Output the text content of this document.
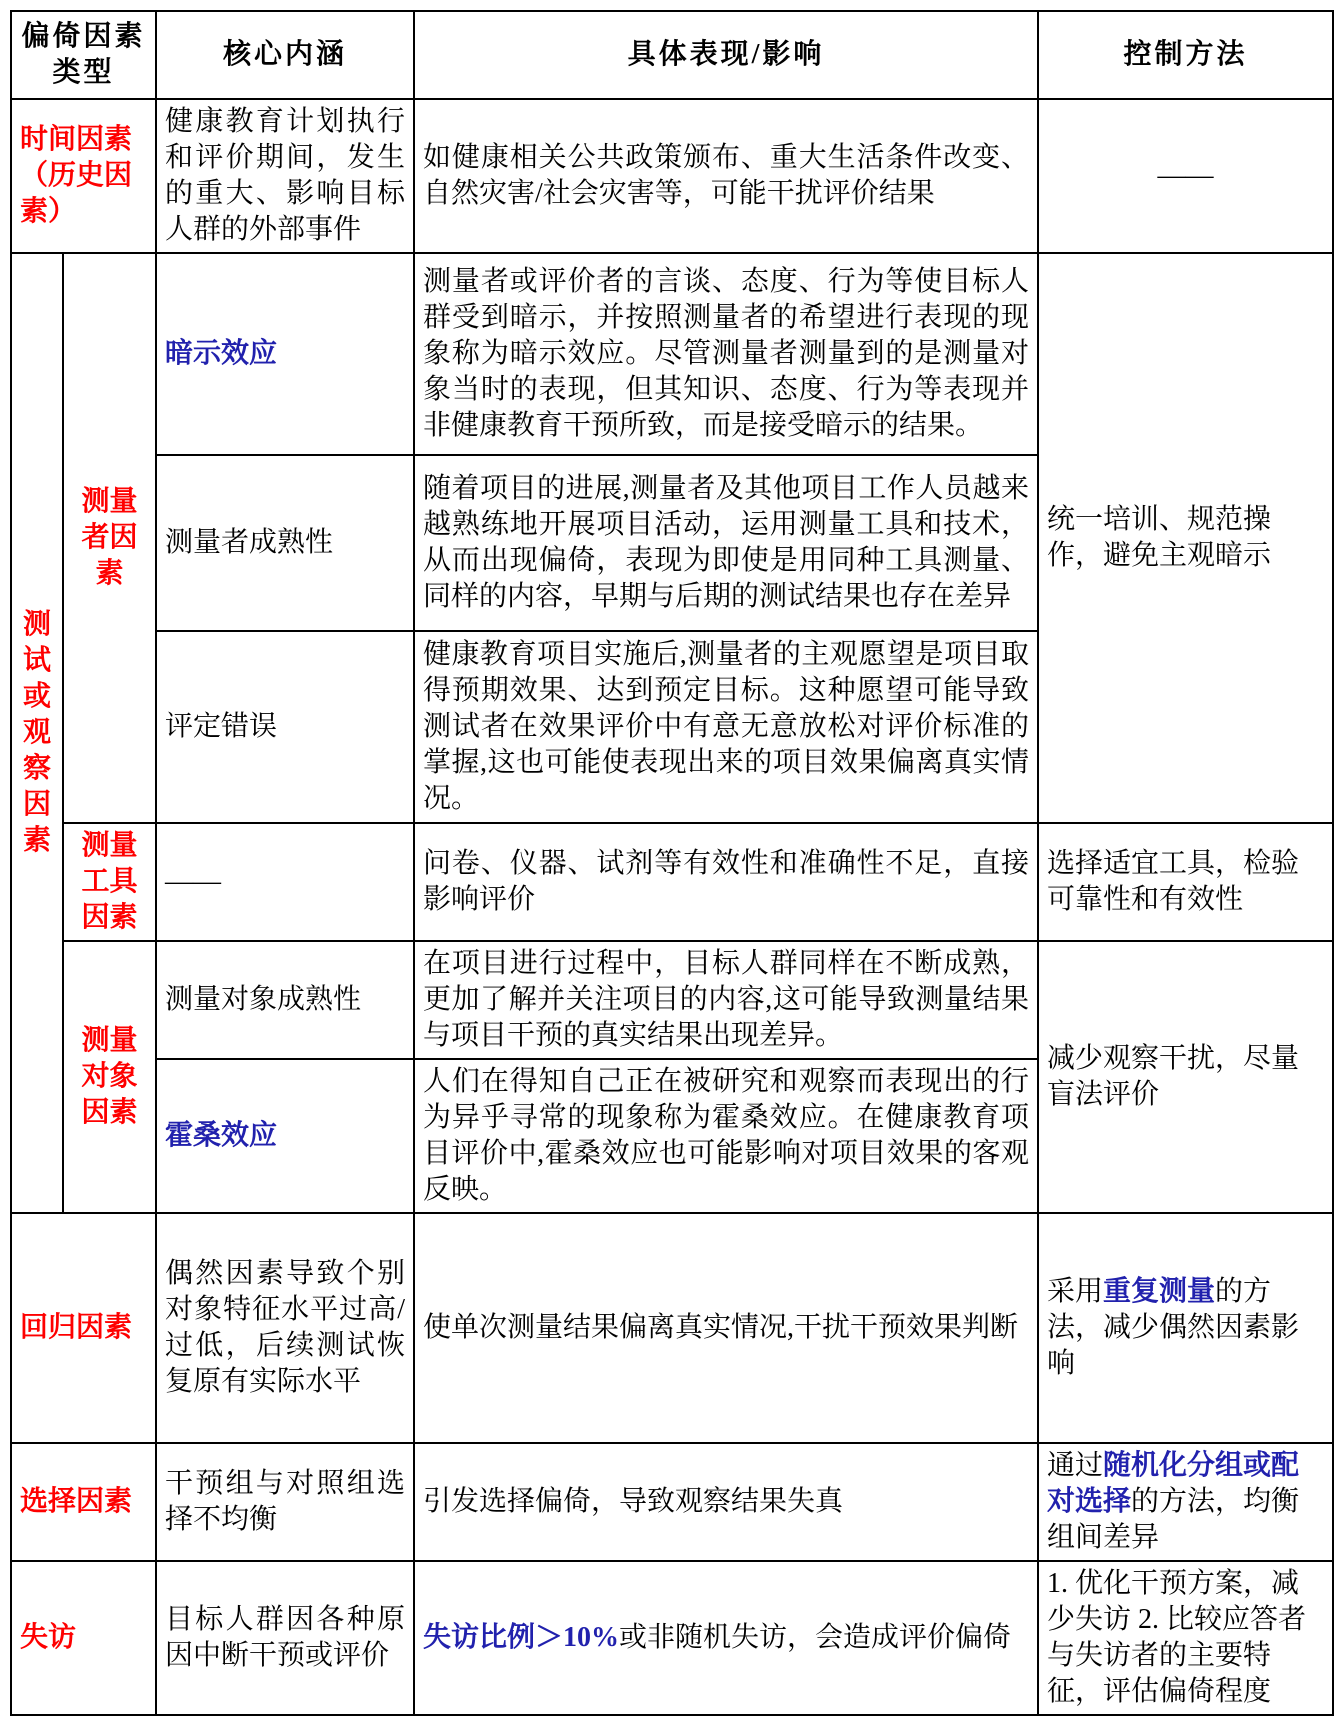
偏倚因素类型		核心内涵	具体表现/影响	控制方法
时间因素（历史因素）		健康教育计划执行和评价期间，发生的重大、影响目标人群的外部事件	如健康相关公共政策颁布、重大生活条件改变、自然灾害/社会灾害等，可能干扰评价结果	——
测试或观察因素	测量者因素	暗示效应	测量者或评价者的言谈、态度、行为等使目标人群受到暗示，并按照测量者的希望进行表现的现象称为暗示效应。尽管测量者测量到的是测量对象当时的表现，但其知识、态度、行为等表现并非健康教育干预所致，而是接受暗示的结果。	统一培训、规范操作，避免主观暗示
		测量者成熟性	随着项目的进展,测量者及其他项目工作人员越来越熟练地开展项目活动，运用测量工具和技术，从而出现偏倚，表现为即使是用同种工具测量、同样的内容，早期与后期的测试结果也存在差异	
		评定错误	健康教育项目实施后,测量者的主观愿望是项目取得预期效果、达到预定目标。这种愿望可能导致测试者在效果评价中有意无意放松对评价标准的掌握,这也可能使表现出来的项目效果偏离真实情况。	
	测量工具因素	——	问卷、仪器、试剂等有效性和准确性不足，直接影响评价	选择适宜工具，检验可靠性和有效性
	测量对象因素	测量对象成熟性	在项目进行过程中，目标人群同样在不断成熟，更加了解并关注项目的内容,这可能导致测量结果与项目干预的真实结果出现差异。	减少观察干扰，尽量盲法评价
		霍桑效应	人们在得知自己正在被研究和观察而表现出的行为异乎寻常的现象称为霍桑效应。在健康教育项目评价中,霍桑效应也可能影响对项目效果的客观反映。	
回归因素		偶然因素导致个别对象特征水平过高/过低，后续测试恢复原有实际水平	使单次测量结果偏离真实情况,干扰干预效果判断	采用重复测量的方法，减少偶然因素影响
选择因素		干预组与对照组选择不均衡	引发选择偏倚，导致观察结果失真	通过随机化分组或配对选择的方法，均衡组间差异
失访		目标人群因各种原因中断干预或评价	失访比例＞10%或非随机失访，会造成评价偏倚	1. 优化干预方案，减少失访 2. 比较应答者与失访者的主要特征，评估偏倚程度
